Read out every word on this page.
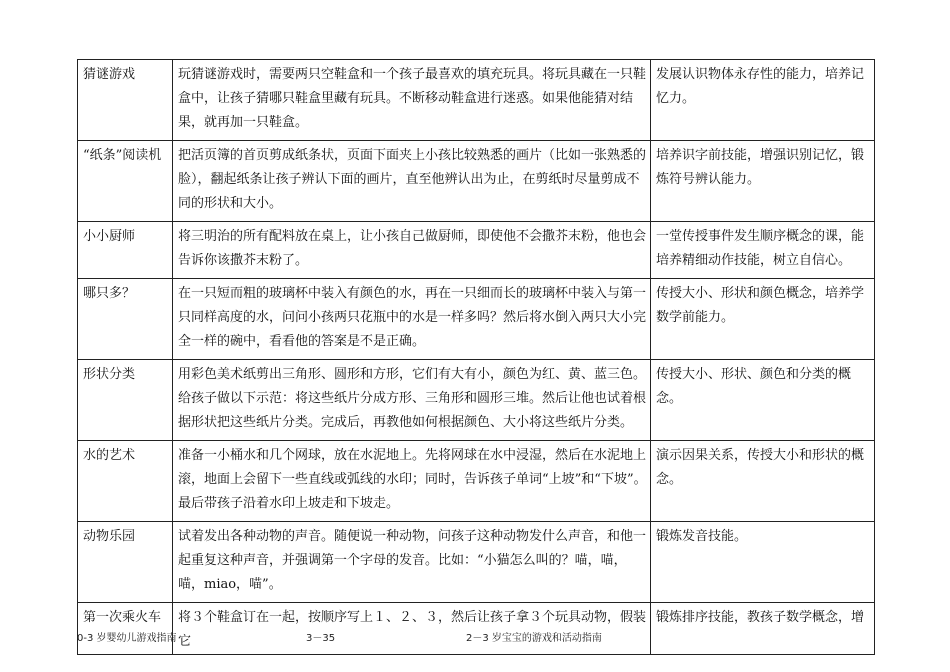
猜谜游戏	玩猜谜游戏时，需要两只空鞋盒和一个孩子最喜欢的填充玩具。将玩具藏在一只鞋盒中，让孩子猜哪只鞋盒里藏有玩具。不断移动鞋盒进行迷惑。如果他能猜对结果，就再加一只鞋盒。	发展认识物体永存性的能力，培养记忆力。
“纸条”阅读机	把活页簿的首页剪成纸条状，页面下面夹上小孩比较熟悉的画片（比如一张熟悉的脸），翻起纸条让孩子辨认下面的画片，直至他辨认出为止，在剪纸时尽量剪成不同的形状和大小。	培养识字前技能，增强识别记忆，锻炼符号辨认能力。
小小厨师	将三明治的所有配料放在桌上，让小孩自己做厨师，即使他不会撒芥末粉，他也会告诉你该撒芥末粉了。	一堂传授事件发生顺序概念的课，能培养精细动作技能，树立自信心。
哪只多？	在一只短而粗的玻璃杯中装入有颜色的水，再在一只细而长的玻璃杯中装入与第一只同样高度的水，问问小孩两只花瓶中的水是一样多吗？然后将水倒入两只大小完全一样的碗中，看看他的答案是不是正确。	传授大小、形状和颜色概念，培养学数学前能力。
形状分类	用彩色美术纸剪出三角形、圆形和方形，它们有大有小，颜色为红、黄、蓝三色。给孩子做以下示范：将这些纸片分成方形、三角形和圆形三堆。然后让他也试着根据形状把这些纸片分类。完成后，再教他如何根据颜色、大小将这些纸片分类。	传授大小、形状、颜色和分类的概念。
水的艺术	准备一小桶水和几个网球，放在水泥地上。先将网球在水中浸湿，然后在水泥地上滚，地面上会留下一些直线或弧线的水印；同时，告诉孩子单词“上坡”和“下坡”。最后带孩子沿着水印上坡走和下坡走。	演示因果关系，传授大小和形状的概念。
动物乐园	试着发出各种动物的声音。随便说一种动物，问孩子这种动物发什么声音，和他一起重复这种声音，并强调第一个字母的发音。比如：“小猫怎么叫的？喵，喵，喵，miao，喵”。	锻炼发音技能。
第一次乘火车	将３个鞋盒订在一起，按顺序写上１、２、３，然后让孩子拿３个玩具动物，假装它	锻炼排序技能，教孩子数学概念，增
0-3 岁婴幼儿游戏指南	3－35	2－3 岁宝宝的游戏和活动指南
